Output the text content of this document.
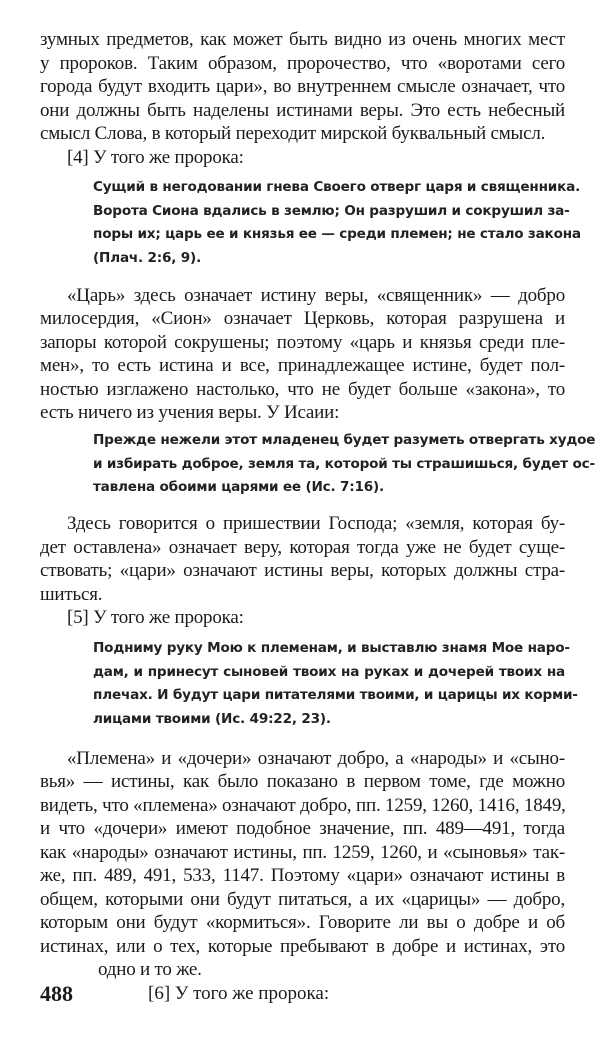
зумных предметов, как может быть видно из очень многих мест
у пророков. Таким образом, пророчество, что «воротами сего
города будут входить цари», во внутреннем смысле означает, что
они должны быть наделены истинами веры. Это есть небесный
смысл Слова, в который переходит мирской буквальный смысл.
[4] У того же пророка:
Сущий в негодовании гнева Своего отверг царя и священника.
Ворота Сиона вдались в землю; Он разрушил и сокрушил за-
поры их; царь ее и князья ее — среди племен; не стало закона
(Плач. 2:6, 9).
«Царь» здесь означает истину веры, «священник» — добро
милосердия, «Сион» означает Церковь, которая разрушена и
запоры которой сокрушены; поэтому «царь и князья среди пле-
мен», то есть истина и все, принадлежащее истине, будет пол-
ностью изглажено настолько, что не будет больше «закона», то
есть ничего из учения веры. У Исаии:
Прежде нежели этот младенец будет разуметь отвергать худое
и избирать доброе, земля та, которой ты страшишься, будет ос-
тавлена обоими царями ее (Ис. 7:16).
Здесь говорится о пришествии Господа; «земля, которая бу-
дет оставлена» означает веру, которая тогда уже не будет суще-
ствовать; «цари» означают истины веры, которых должны стра-
шиться.
[5] У того же пророка:
Подниму руку Мою к племенам, и выставлю знамя Мое наро-
дам, и принесут сыновей твоих на руках и дочерей твоих на
плечах. И будут цари питателями твоими, и царицы их корми-
лицами твоими (Ис. 49:22, 23).
«Племена» и «дочери» означают добро, а «народы» и «сыно-
вья» — истины, как было показано в первом томе, где можно
видеть, что «племена» означают добро, пп. 1259, 1260, 1416, 1849,
и что «дочери» имеют подобное значение, пп. 489—491, тогда
как «народы» означают истины, пп. 1259, 1260, и «сыновья» так-
же, пп. 489, 491, 533, 1147. Поэтому «цари» означают истины в
общем, которыми они будут питаться, а их «царицы» — добро,
которым они будут «кормиться». Говорите ли вы о добре и об
истинах, или о тех, которые пребывают в добре и истинах, это
одно и то же.
488	[6] У того же пророка:
